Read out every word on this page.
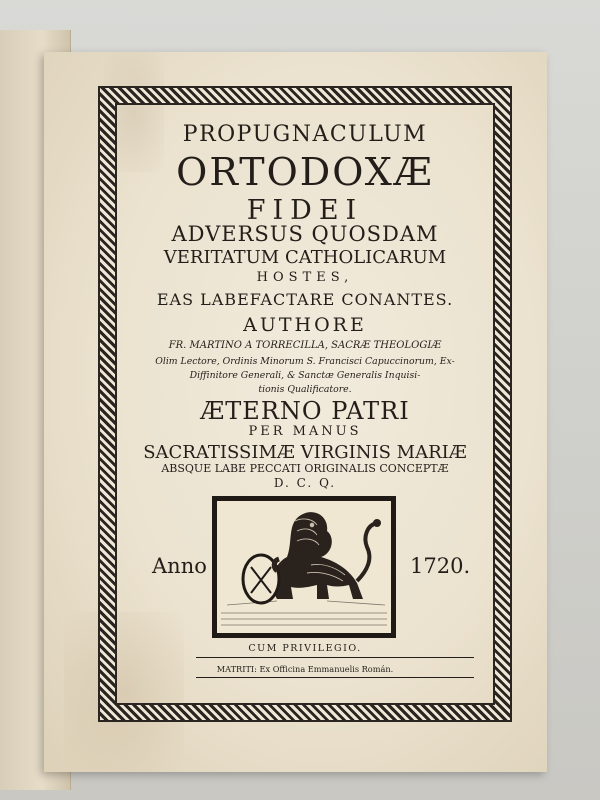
PROPUGNACULUM
ORTODOXÆ
FIDEI
ADVERSUS QUOSDAM
VERITATUM CATHOLICARUM
HOSTES,
EAS LABEFACTARE CONANTES.
AUTHORE
FR. MARTINO A TORRECILLA, SACRÆ THEOLOGIÆ
Olim Lectore, Ordinis Minorum S. Francisci Capuccinorum, Ex-
Diffinitore Generali, & Sanctæ Generalis Inquisi-
tionis Qualificatore.
ÆTERNO PATRI
PER MANUS
SACRATISSIMÆ VIRGINIS MARIÆ
ABSQUE LABE PECCATI ORIGINALIS CONCEPTÆ
D. C. Q.
Anno	1720.
CUM PRIVILEGIO.
MATRITI: Ex Officina Emmanuelis Román.
